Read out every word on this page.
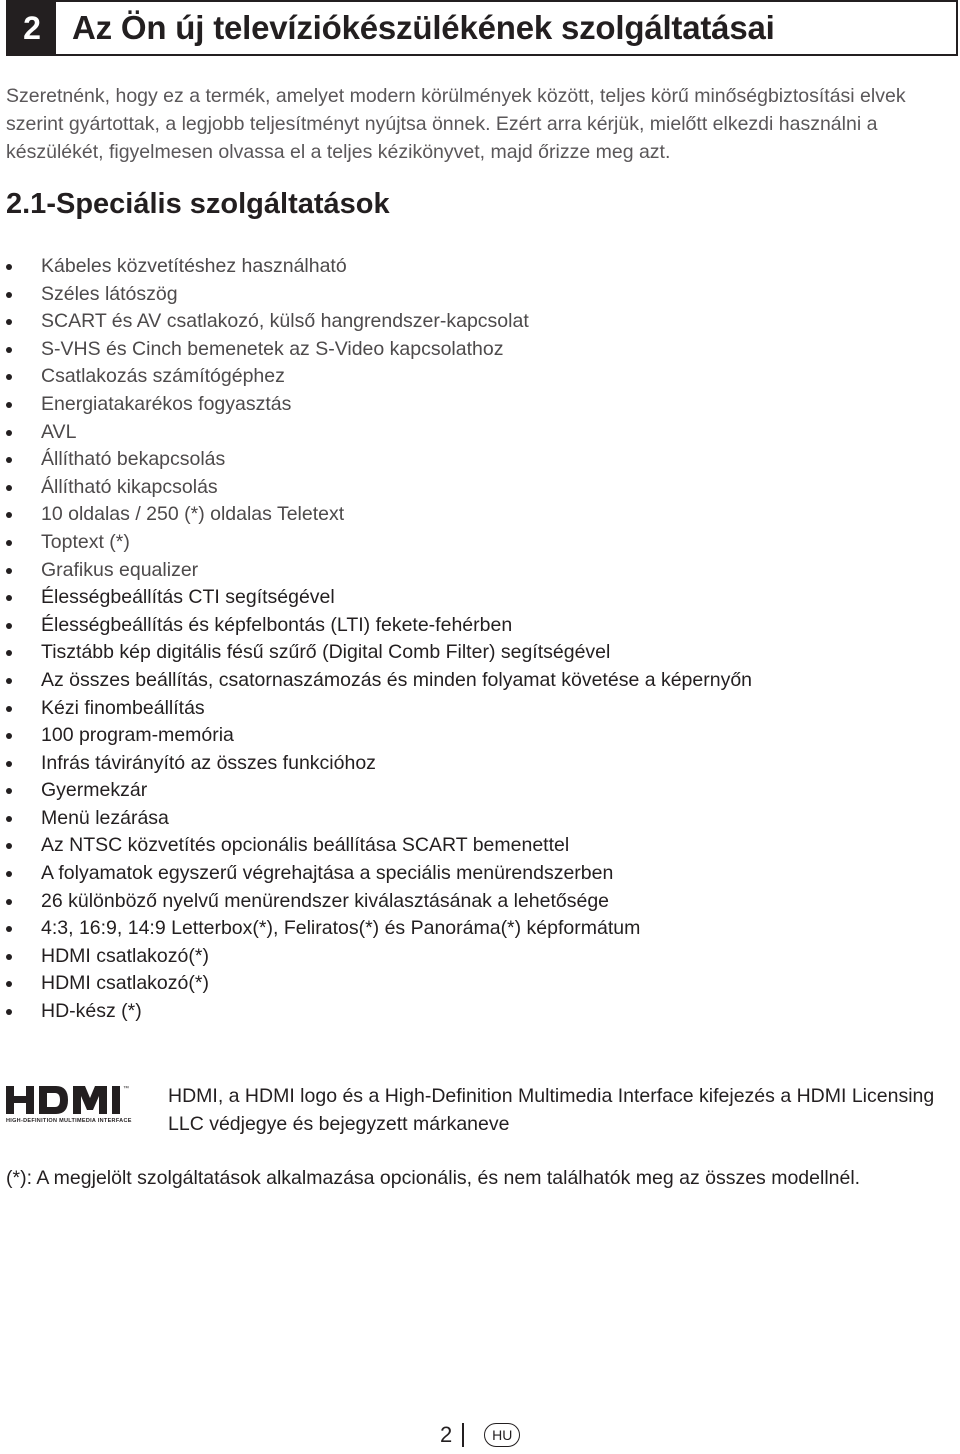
2 Az Ön új televíziókészülékének szolgáltatásai

Szeretnénk, hogy ez a termék, amelyet modern körülmények között, teljes körű minőségbiztosítási elvek szerint gyártottak, a legjobb teljesítményt nyújtsa önnek. Ezért arra kérjük, mielőtt elkezdi használni a készülékét, figyelmesen olvassa el a teljes kézikönyvet, majd őrizze meg azt.

2.1-Speciális szolgáltatások
Kábeles közvetítéshez használható
Széles látószög
SCART és AV csatlakozó, külső hangrendszer-kapcsolat
S-VHS és Cinch bemenetek az S-Video kapcsolathoz
Csatlakozás számítógéphez
Energiatakarékos fogyasztás
AVL
Állítható bekapcsolás
Állítható kikapcsolás
10 oldalas / 250 (*) oldalas Teletext
Toptext (*)
Grafikus equalizer
Élességbeállítás CTI segítségével
Élességbeállítás és képfelbontás (LTI) fekete-fehérben
Tisztább kép digitális fésű szűrő (Digital Comb Filter) segítségével
Az összes beállítás, csatornaszámozás és minden folyamat követése a képernyőn
Kézi finombeállítás
100 program-memória
Infrás távirányító az összes funkcióhoz
Gyermekzár
Menü lezárása
Az NTSC közvetítés opcionális beállítása SCART bemenettel
A folyamatok egyszerű végrehajtása a speciális menürendszerben
26 különböző nyelvű menürendszer kiválasztásának a lehetősége
4:3, 16:9, 14:9 Letterbox(*), Feliratos(*) és Panoráma(*) képformátum
HDMI csatlakozó(*)
HDMI csatlakozó(*)
HD-kész (*)
™
HIGH-DEFINITION MULTIMEDIA INTERFACE

HDMI, a HDMI logo és a High-Definition Multimedia Interface kifejezés a HDMI Licensing LLC védjegye és bejegyzett márkaneve

(*): A megjelölt szolgáltatások alkalmazása opcionális, és nem találhatók meg az összes modellnél.

2	HU
